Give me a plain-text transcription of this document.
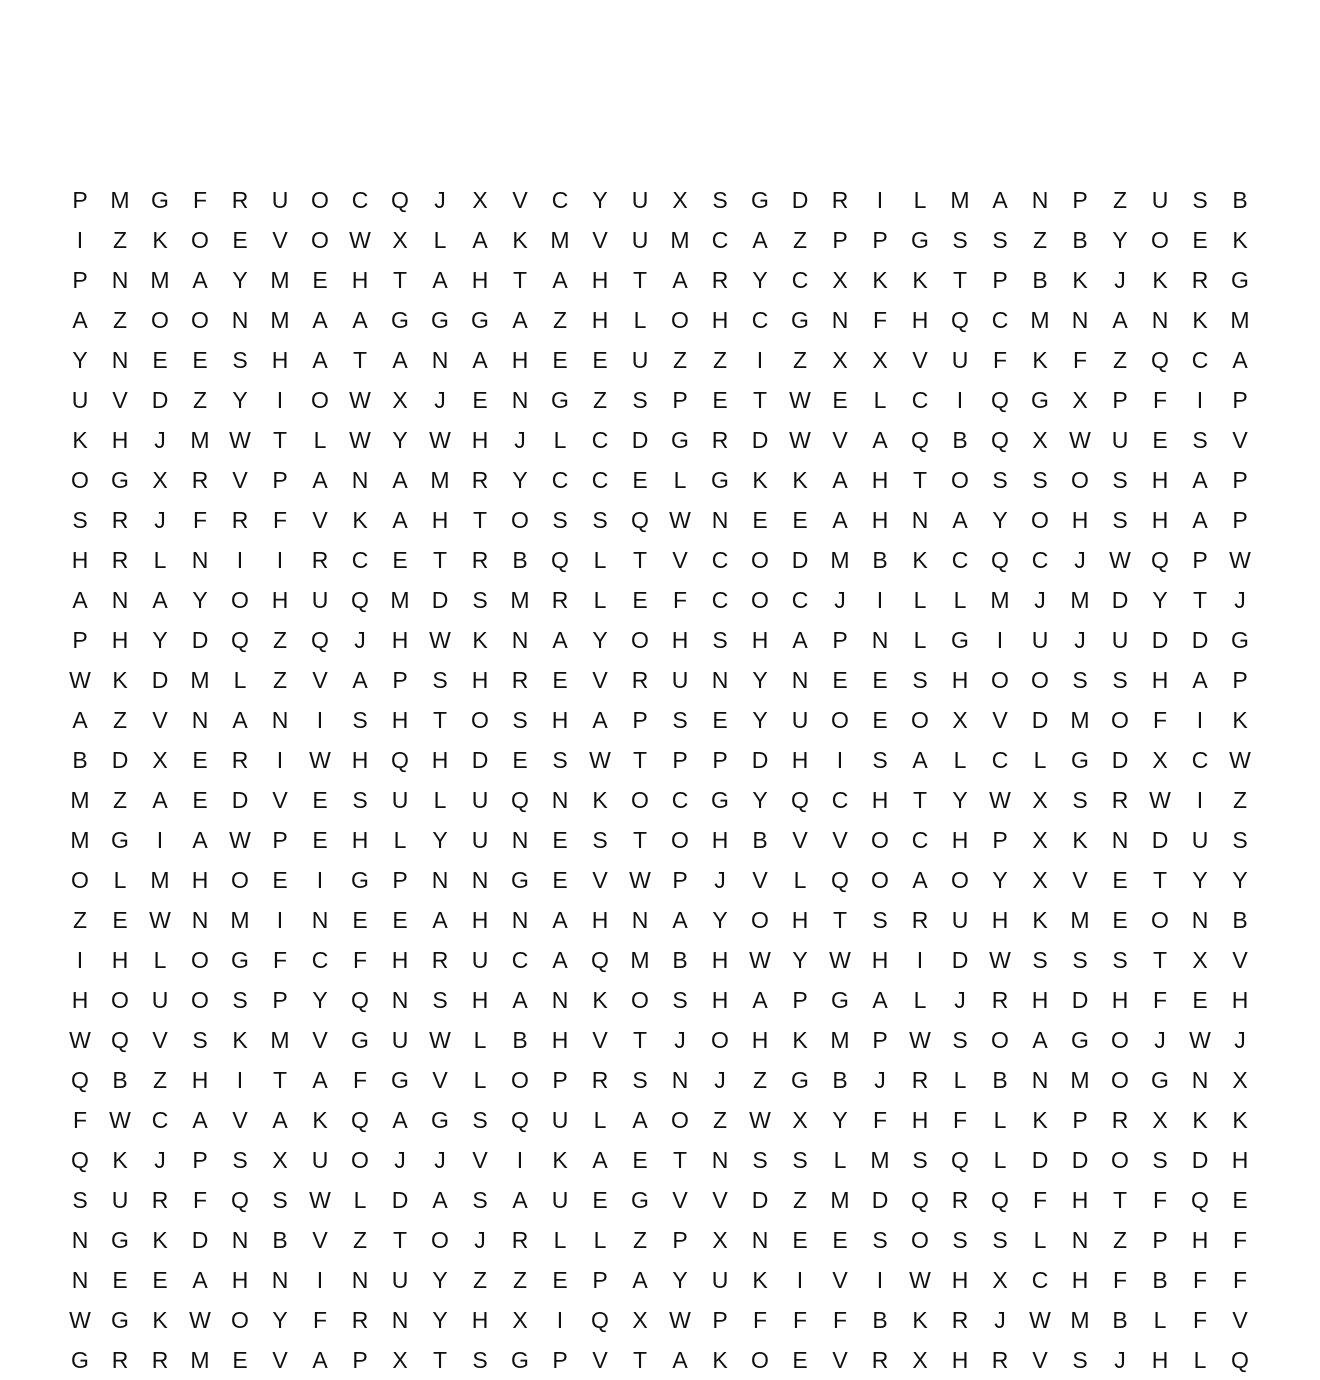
P M G	F	R	U O C Q	J	X	V	C	Y	U	X	S	G D	R	I	L	M A	N	P	Z	U	S	B
I	Z	K	O	E	V	O W X	L	A	K M V	U M C	A	Z	P	P	G	S	S	Z	B	Y	O	E	K
P	N M A	Y M E	H	T	A	H	T	A	H	T	A	R	Y	C	X	K	K	T	P	B	K	J	K	R G
A	Z	O O N M A	A	G G G	A	Z	H	L	O H	C G N	F	H Q C M N	A	N	K M
Y	N	E	E	S	H	A	T	A	N	A	H	E	E	U	Z	Z	I	Z	X	X	V	U	F	K	F	Z	Q C	A
U	V	D	Z	Y	I	O W X	J	E	N G	Z	S	P	E	T W E	L	C	I	Q G	X	P	F	I	P
K	H	J	M W T	L W Y W H	J	L	C	D G R	D W V	A	Q	B	Q	X W U	E	S	V
O G	X	R	V	P	A	N	A M R	Y	C	C	E	L	G	K	K	A	H	T	O	S	S	O	S	H	A	P
S	R	J	F	R	F	V	K	A	H	T	O	S	S	Q W N	E	E	A	H	N	A	Y	O H	S	H	A	P
H	R	L	N	I	I	R	C	E	T	R	B	Q	L	T	V	C O D M B	K	C Q C	J	W Q	P W
A	N	A	Y	O H	U Q M D	S M R	L	E	F	C O C	J	I	L	L	M	J	M D	Y	T	J
P	H	Y	D Q	Z	Q	J	H W K	N	A	Y	O H	S	H	A	P	N	L	G	I	U	J	U	D	D G
W K	D M	L	Z	V	A	P	S	H	R	E	V	R	U	N	Y	N	E	E	S	H O O	S	S	H	A	P
A	Z	V	N	A	N	I	S	H	T	O	S	H	A	P	S	E	Y	U O	E	O	X	V	D M O	F	I	K
B	D	X	E	R	I	W H Q H	D	E	S W T	P	P	D	H	I	S	A	L	C	L	G D	X	C W
M	Z	A	E	D	V	E	S	U	L	U Q N	K	O C G	Y	Q C	H	T	Y W X	S	R W	I	Z
M G	I	A W P	E	H	L	Y	U	N	E	S	T	O H	B	V	V	O C	H	P	X	K	N	D	U	S
O	L	M H O	E	I	G	P	N	N G	E	V W P	J	V	L	Q O	A	O	Y	X	V	E	T	Y	Y
Z	E W N M	I	N	E	E	A	H	N	A	H	N	A	Y	O H	T	S	R	U	H	K M E	O N	B
I	H	L	O G	F	C	F	H	R	U	C	A	Q M B	H W Y W H	I	D W S	S	S	T	X	V
H O U O	S	P	Y	Q N	S	H	A	N	K	O	S	H	A	P	G	A	L	J	R	H	D	H	F	E	H
W Q	V	S	K M V	G U W L	B	H	V	T	J	O H	K M P W S	O	A	G O	J	W	J
Q	B	Z	H	I	T	A	F	G	V	L	O	P	R	S	N	J	Z	G	B	J	R	L	B	N M O G N	X
F W C	A	V	A	K	Q	A	G	S	Q U	L	A	O	Z W X	Y	F	H	F	L	K	P	R	X	K	K
Q	K	J	P	S	X	U O	J	J	V	I	K	A	E	T	N	S	S	L	M S	Q	L	D	D O	S	D	H
S	U	R	F	Q	S W L	D	A	S	A	U	E	G	V	V	D	Z	M D Q R Q	F	H	T	F	Q	E
N G	K	D	N	B	V	Z	T	O	J	R	L	L	Z	P	X	N	E	E	S	O	S	S	L	N	Z	P	H	F
N	E	E	A	H	N	I	N	U	Y	Z	Z	E	P	A	Y	U	K	I	V	I	W H	X	C	H	F	B	F	F
W G	K W O	Y	F	R	N	Y	H	X	I	Q	X W P	F	F	F	B	K	R	J	W M B	L	F	V
G R	R M E	V	A	P	X	T	S	G	P	V	T	A	K	O	E	V	R	X	H	R	V	S	J	H	L	Q
